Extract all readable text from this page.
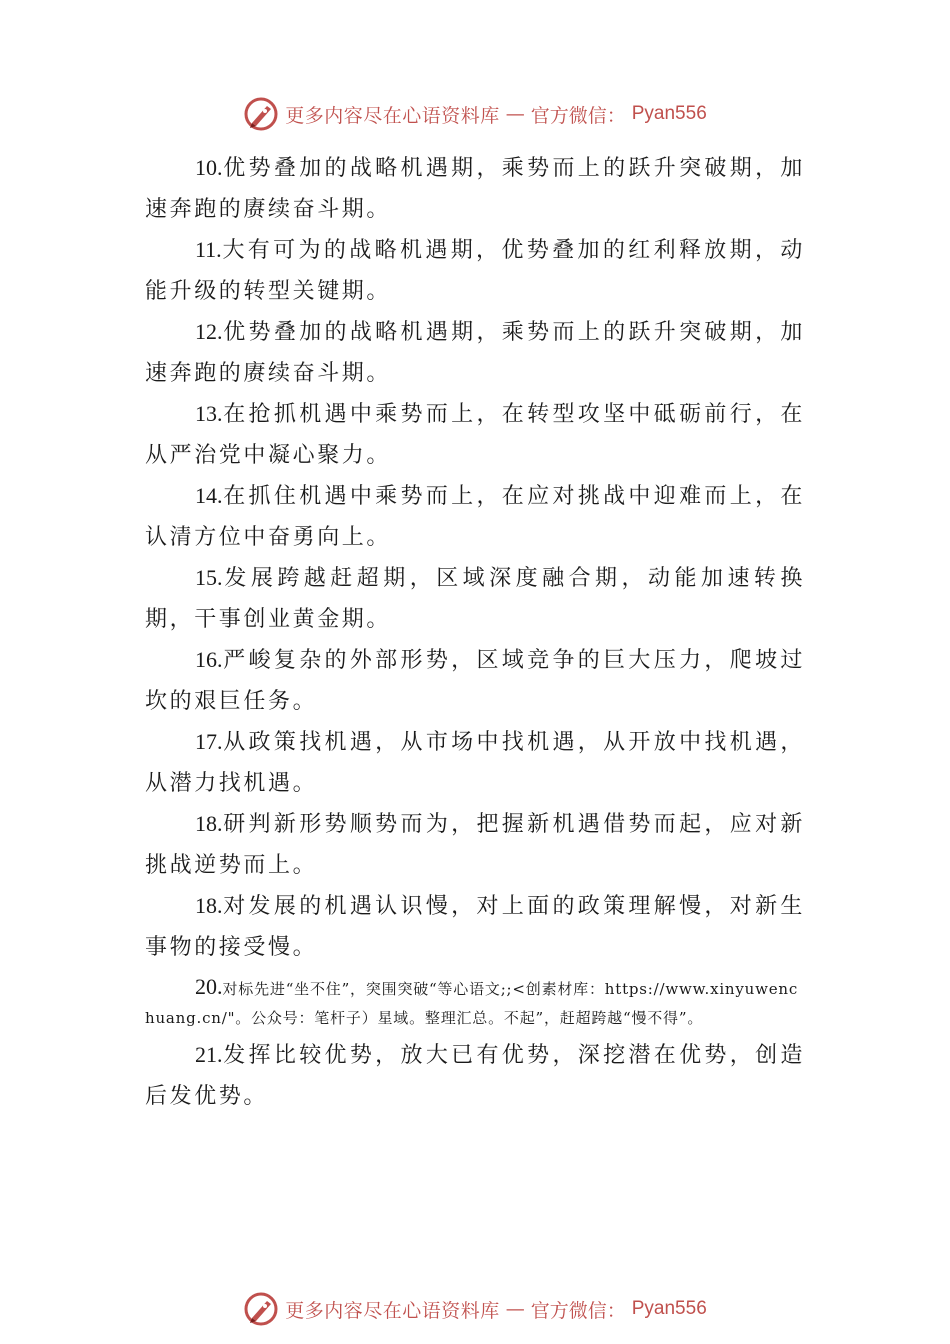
更多内容尽在心语资料库 — 官方微信： Pyan556

10.优势叠加的战略机遇期，乘势而上的跃升突破期，加速奔跑的赓续奋斗期。

11.大有可为的战略机遇期，优势叠加的红利释放期，动能升级的转型关键期。

12.优势叠加的战略机遇期，乘势而上的跃升突破期，加速奔跑的赓续奋斗期。

13.在抢抓机遇中乘势而上，在转型攻坚中砥砺前行，在从严治党中凝心聚力。

14.在抓住机遇中乘势而上，在应对挑战中迎难而上，在认清方位中奋勇向上。

15.发展跨越赶超期，区域深度融合期，动能加速转换期，干事创业黄金期。

16.严峻复杂的外部形势，区域竞争的巨大压力，爬坡过坎的艰巨任务。

17.从政策找机遇，从市场中找机遇，从开放中找机遇，从潜力找机遇。

18.研判新形势顺势而为，把握新机遇借势而起，应对新挑战逆势而上。

18.对发展的机遇认识慢，对上面的政策理解慢，对新生事物的接受慢。

20.对标先进“坐不住”，突围突破“等心语文;;<创素材库：https://www.xinyuwenchuang.cn/"。公众号：笔杆子）星域。整理汇总。不起”，赶超跨越“慢不得”。

21.发挥比较优势，放大已有优势，深挖潜在优势，创造后发优势。

更多内容尽在心语资料库 — 官方微信： Pyan556
